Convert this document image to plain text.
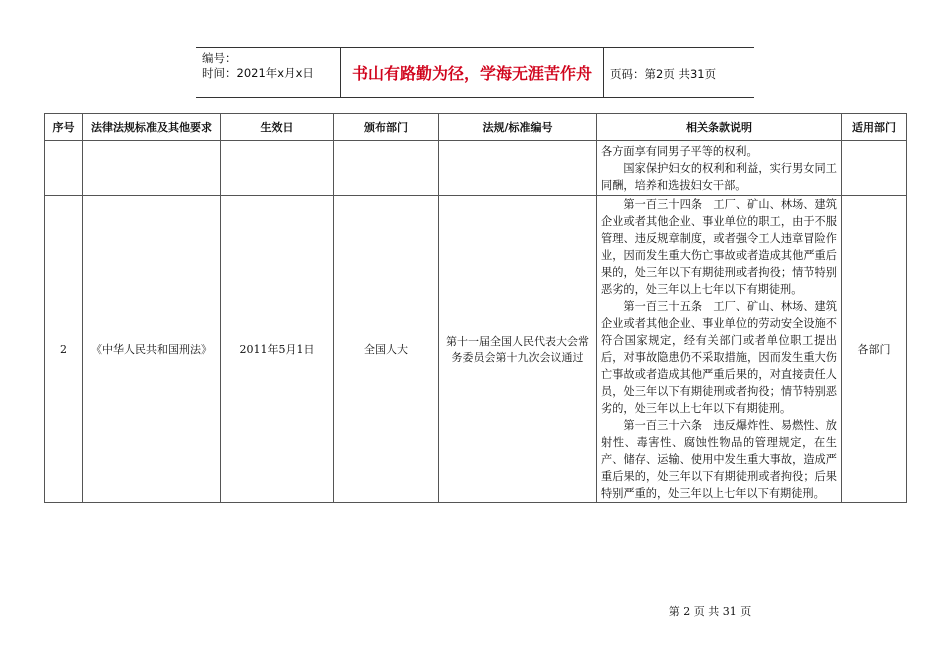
编号：
时间：2021年x月x日	书山有路勤为径，学海无涯苦作舟	页码：第2页 共31页
序号	法律法规标准及其他要求	生效日	颁布部门	法规/标准编号	相关条款说明	适用部门

					各方面享有同男子平等的权利。

国家保护妇女的权利和利益，实行男女同工同酬，培养和选拔妇女干部。	

2	《中华人民共和国刑法》	2011年5月1日	全国人大	第十一届全国人民代表大会常务委员会第十九次会议通过	第一百三十四条　工厂、矿山、林场、建筑企业或者其他企业、事业单位的职工，由于不服管理、违反规章制度，或者强令工人违章冒险作业，因而发生重大伤亡事故或者造成其他严重后果的，处三年以下有期徒刑或者拘役；情节特别恶劣的，处三年以上七年以下有期徒刑。

第一百三十五条　工厂、矿山、林场、建筑企业或者其他企业、事业单位的劳动安全设施不符合国家规定，经有关部门或者单位职工提出后，对事故隐患仍不采取措施，因而发生重大伤亡事故或者造成其他严重后果的，对直接责任人员，处三年以下有期徒刑或者拘役；情节特别恶劣的，处三年以上七年以下有期徒刑。

第一百三十六条　违反爆炸性、易燃性、放射性、毒害性、腐蚀性物品的管理规定，在生产、储存、运输、使用中发生重大事故，造成严重后果的，处三年以下有期徒刑或者拘役；后果特别严重的，处三年以上七年以下有期徒刑。	各部门
第 2 页 共 31 页
